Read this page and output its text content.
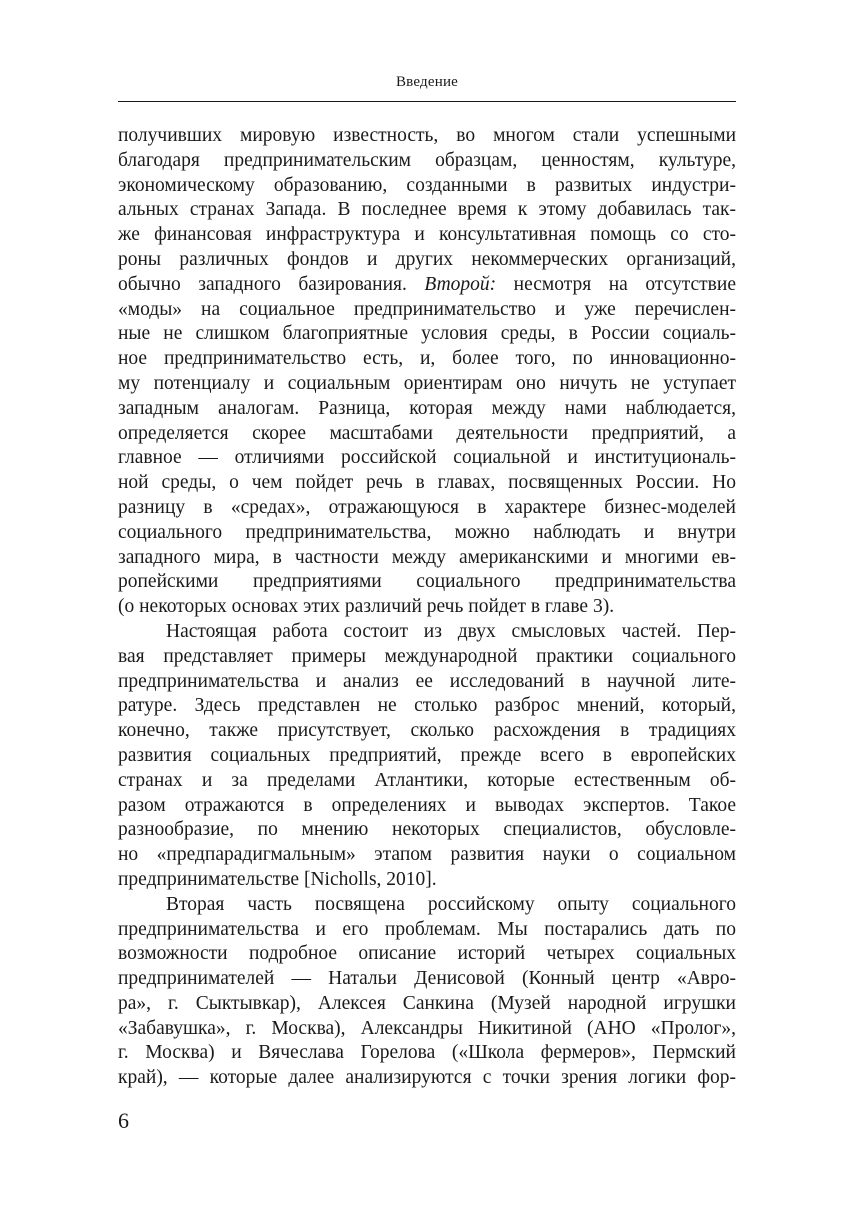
Введение
получивших мировую известность, во многом стали успешными
благодаря предпринимательским образцам, ценностям, культуре,
экономическому образованию, созданными в развитых индустри-
альных странах Запада. В последнее время к этому добавилась так-
же финансовая инфраструктура и консультативная помощь со сто-
роны различных фондов и других некоммерческих организаций,
обычно западного базирования. Второй: несмотря на отсутствие
«моды» на социальное предпринимательство и уже перечислен-
ные не слишком благоприятные условия среды, в России социаль-
ное предпринимательство есть, и, более того, по инновационно-
му потенциалу и социальным ориентирам оно ничуть не уступает
западным аналогам. Разница, которая между нами наблюдается,
определяется скорее масштабами деятельности предприятий, а
главное — отличиями российской социальной и институциональ-
ной среды, о чем пойдет речь в главах, посвященных России. Но
разницу в «средах», отражающуюся в характере бизнес-моделей
социального предпринимательства, можно наблюдать и внутри
западного мира, в частности между американскими и многими ев-
ропейскими предприятиями социального предпринимательства
(о некоторых основах этих различий речь пойдет в главе 3).
Настоящая работа состоит из двух смысловых частей. Пер-
вая представляет примеры международной практики социального
предпринимательства и анализ ее исследований в научной лите-
ратуре. Здесь представлен не столько разброс мнений, который,
конечно, также присутствует, сколько расхождения в традициях
развития социальных предприятий, прежде всего в европейских
странах и за пределами Атлантики, которые естественным об-
разом отражаются в определениях и выводах экспертов. Такое
разнообразие, по мнению некоторых специалистов, обусловле-
но «предпарадигмальным» этапом развития науки о социальном
предпринимательстве [Nicholls, 2010].
Вторая часть посвящена российскому опыту социального
предпринимательства и его проблемам. Мы постарались дать по
возможности подробное описание историй четырех социальных
предпринимателей — Натальи Денисовой (Конный центр «Авро-
ра», г. Сыктывкар), Алексея Санкина (Музей народной игрушки
«Забавушка», г. Москва), Александры Никитиной (АНО «Пролог»,
г. Москва) и Вячеслава Горелова («Школа фермеров», Пермский
край), — которые далее анализируются с точки зрения логики фор-
6
